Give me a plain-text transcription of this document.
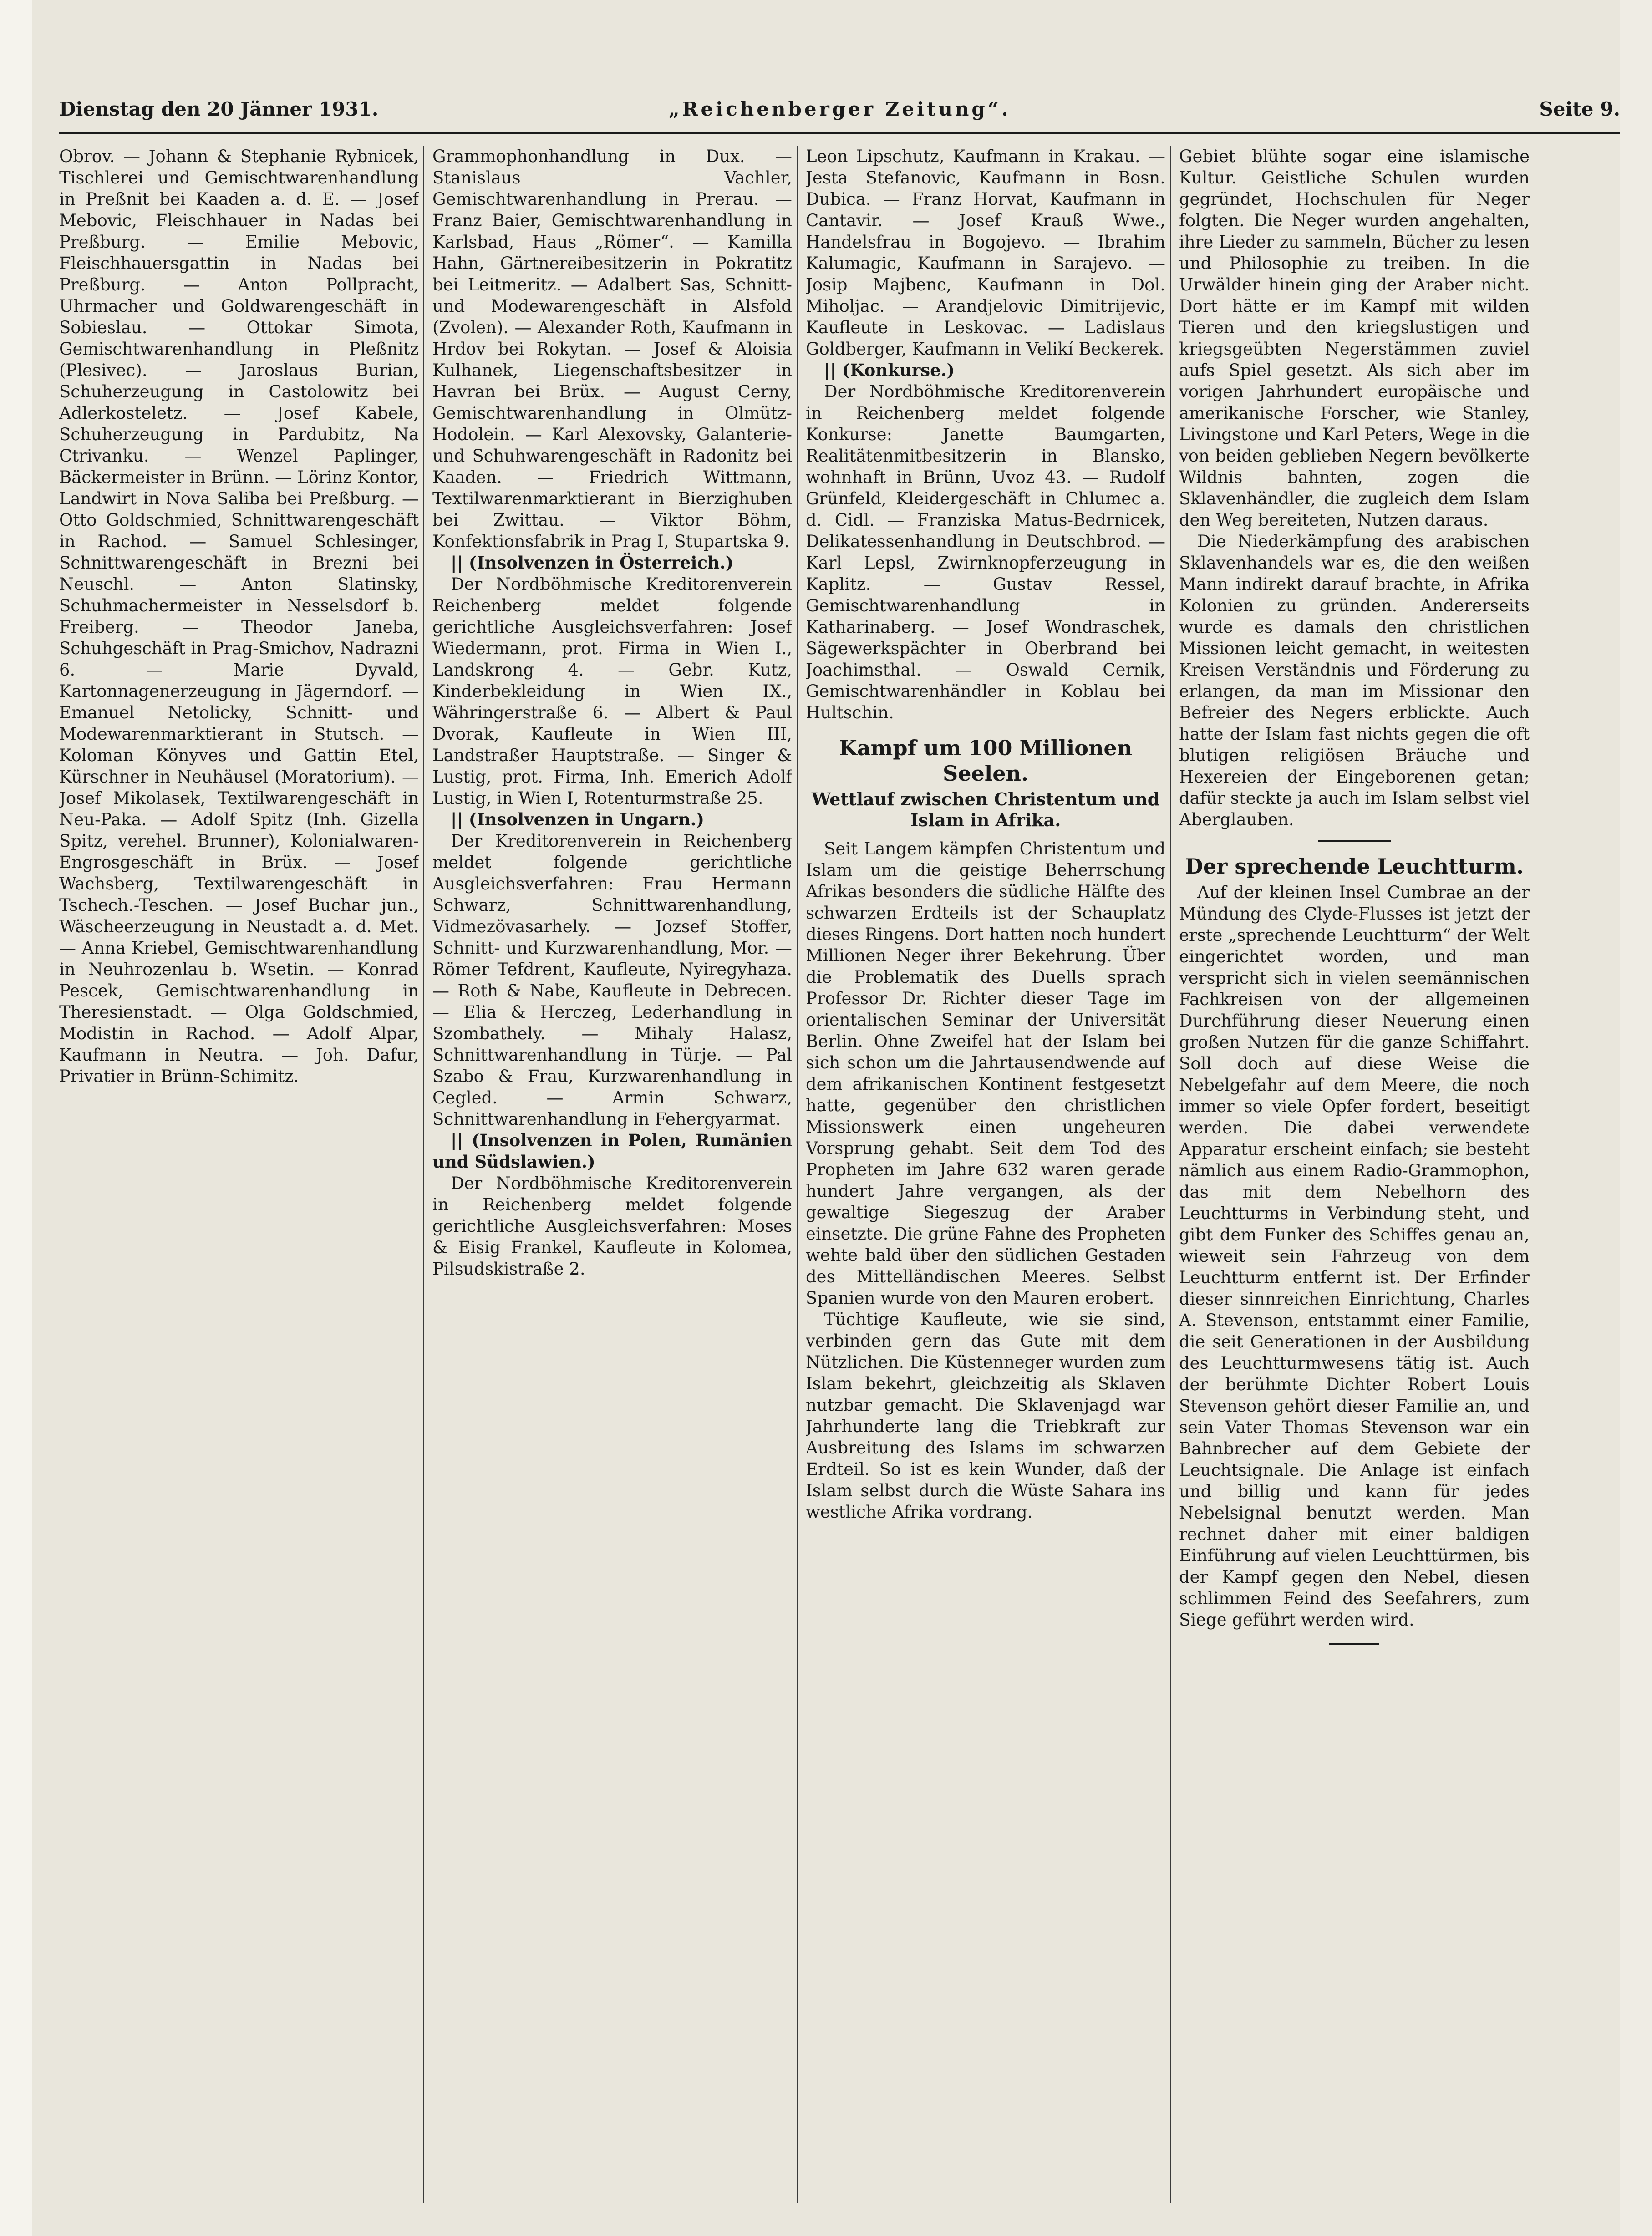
Dienstag den 20 Jänner 1931.	„Reichenberger Zeitung“.	Seite 9.

Obrov. — Johann & Stephanie Rybnicek, Tischlerei und Gemischtwarenhandlung in Preßnit bei Kaaden a. d. E. — Josef Mebovic, Fleischhauer in Nadas bei Preßburg. — Emilie Mebovic, Fleischhauersgattin in Nadas bei Preßburg. — Anton Pollpracht, Uhrmacher und Goldwarengeschäft in Sobieslau. — Ottokar Simota, Gemischtwarenhandlung in Pleßnitz (Plesivec). — Jaroslaus Burian, Schuherzeugung in Castolowitz bei Adlerkosteletz. — Josef Kabele, Schuherzeugung in Pardubitz, Na Ctrivanku. — Wenzel Paplinger, Bäckermeister in Brünn. — Lörinz Kontor, Landwirt in Nova Saliba bei Preßburg. — Otto Goldschmied, Schnittwarengeschäft in Rachod. — Samuel Schlesinger, Schnittwarengeschäft in Brezni bei Neuschl. — Anton Slatinsky, Schuhmachermeister in Nesselsdorf b. Freiberg. — Theodor Janeba, Schuhgeschäft in Prag-Smichov, Nadrazni 6. — Marie Dyvald, Kartonnagenerzeugung in Jägerndorf. — Emanuel Netolicky, Schnitt- und Modewarenmarktierant in Stutsch. — Koloman Könyves und Gattin Etel, Kürschner in Neuhäusel (Moratorium). — Josef Mikolasek, Textilwarengeschäft in Neu-Paka. — Adolf Spitz (Inh. Gizella Spitz, verehel. Brunner), Kolonialwaren-Engrosgeschäft in Brüx. — Josef Wachsberg, Textilwarengeschäft in Tschech.-Teschen. — Josef Buchar jun., Wäscheerzeugung in Neustadt a. d. Met. — Anna Kriebel, Gemischtwarenhandlung in Neuhrozenlau b. Wsetin. — Konrad Pescek, Gemischtwarenhandlung in Theresienstadt. — Olga Goldschmied, Modistin in Rachod. — Adolf Alpar, Kaufmann in Neutra. — Joh. Dafur, Privatier in Brünn-Schimitz.

Grammophonhandlung in Dux. — Stanislaus Vachler, Gemischtwarenhandlung in Prerau. — Franz Baier, Gemischtwarenhandlung in Karlsbad, Haus „Römer“. — Kamilla Hahn, Gärtnereibesitzerin in Pokratitz bei Leitmeritz. — Adalbert Sas, Schnitt- und Modewarengeschäft in Alsfold (Zvolen). — Alexander Roth, Kaufmann in Hrdov bei Rokytan. — Josef & Aloisia Kulhanek, Liegenschaftsbesitzer in Havran bei Brüx. — August Cerny, Gemischtwarenhandlung in Olmütz-Hodolein. — Karl Alexovsky, Galanterie- und Schuhwarengeschäft in Radonitz bei Kaaden. — Friedrich Wittmann, Textilwarenmarktierant in Bierzighuben bei Zwittau. — Viktor Böhm, Konfektionsfabrik in Prag I, Stupartska 9.

|| (Insolvenzen in Österreich.)

Der Nordböhmische Kreditorenverein Reichenberg meldet folgende gerichtliche Ausgleichsverfahren: Josef Wiedermann, prot. Firma in Wien I., Landskrong 4. — Gebr. Kutz, Kinderbekleidung in Wien IX., Währingerstraße 6. — Albert & Paul Dvorak, Kaufleute in Wien III, Landstraßer Hauptstraße. — Singer & Lustig, prot. Firma, Inh. Emerich Adolf Lustig, in Wien I, Rotenturmstraße 25.

|| (Insolvenzen in Ungarn.)

Der Kreditorenverein in Reichenberg meldet folgende gerichtliche Ausgleichsverfahren: Frau Hermann Schwarz, Schnittwarenhandlung, Vidmezövasarhely. — Jozsef Stoffer, Schnitt- und Kurzwarenhandlung, Mor. — Römer Tefdrent, Kaufleute, Nyiregyhaza. — Roth & Nabe, Kaufleute in Debrecen. — Elia & Herczeg, Lederhandlung in Szombathely. — Mihaly Halasz, Schnittwarenhandlung in Türje. — Pal Szabo & Frau, Kurzwarenhandlung in Cegled. — Armin Schwarz, Schnittwarenhandlung in Fehergyarmat.

|| (Insolvenzen in Polen, Rumänien und Südslawien.)

Der Nordböhmische Kreditorenverein in Reichenberg meldet folgende gerichtliche Ausgleichsverfahren: Moses & Eisig Frankel, Kaufleute in Kolomea, Pilsudskistraße 2.

Leon Lipschutz, Kaufmann in Krakau. — Jesta Stefanovic, Kaufmann in Bosn. Dubica. — Franz Horvat, Kaufmann in Cantavir. — Josef Krauß Wwe., Handelsfrau in Bogojevo. — Ibrahim Kalumagic, Kaufmann in Sarajevo. — Josip Majbenc, Kaufmann in Dol. Miholjac. — Arandjelovic Dimitrijevic, Kaufleute in Leskovac. — Ladislaus Goldberger, Kaufmann in Velikí Beckerek.

|| (Konkurse.)

Der Nordböhmische Kreditorenverein in Reichenberg meldet folgende Konkurse: Janette Baumgarten, Realitätenmitbesitzerin in Blansko, wohnhaft in Brünn, Uvoz 43. — Rudolf Grünfeld, Kleidergeschäft in Chlumec a. d. Cidl. — Franziska Matus-Bedrnicek, Delikatessenhandlung in Deutschbrod. — Karl Lepsl, Zwirnknopferzeugung in Kaplitz. — Gustav Ressel, Gemischtwarenhandlung in Katharinaberg. — Josef Wondraschek, Sägewerkspächter in Oberbrand bei Joachimsthal. — Oswald Cernik, Gemischtwarenhändler in Koblau bei Hultschin.

Kampf um 100 Millionen Seelen.
Wettlauf zwischen Christentum und Islam in Afrika.

Seit Langem kämpfen Christentum und Islam um die geistige Beherrschung Afrikas besonders die südliche Hälfte des schwarzen Erdteils ist der Schauplatz dieses Ringens. Dort hatten noch hundert Millionen Neger ihrer Bekehrung. Über die Problematik des Duells sprach Professor Dr. Richter dieser Tage im orientalischen Seminar der Universität Berlin. Ohne Zweifel hat der Islam bei sich schon um die Jahrtausendwende auf dem afrikanischen Kontinent festgesetzt hatte, gegenüber den christlichen Missionswerk einen ungeheuren Vorsprung gehabt. Seit dem Tod des Propheten im Jahre 632 waren gerade hundert Jahre vergangen, als der gewaltige Siegeszug der Araber einsetzte. Die grüne Fahne des Propheten wehte bald über den südlichen Gestaden des Mittelländischen Meeres. Selbst Spanien wurde von den Mauren erobert.

Tüchtige Kaufleute, wie sie sind, verbinden gern das Gute mit dem Nützlichen. Die Küstenneger wurden zum Islam bekehrt, gleichzeitig als Sklaven nutzbar gemacht. Die Sklavenjagd war Jahrhunderte lang die Triebkraft zur Ausbreitung des Islams im schwarzen Erdteil. So ist es kein Wunder, daß der Islam selbst durch die Wüste Sahara ins westliche Afrika vordrang.

Gebiet blühte sogar eine islamische Kultur. Geistliche Schulen wurden gegründet, Hochschulen für Neger folgten. Die Neger wurden angehalten, ihre Lieder zu sammeln, Bücher zu lesen und Philosophie zu treiben. In die Urwälder hinein ging der Araber nicht. Dort hätte er im Kampf mit wilden Tieren und den kriegslustigen und kriegsgeübten Negerstämmen zuviel aufs Spiel gesetzt. Als sich aber im vorigen Jahrhundert europäische und amerikanische Forscher, wie Stanley, Livingstone und Karl Peters, Wege in die von beiden geblieben Negern bevölkerte Wildnis bahnten, zogen die Sklavenhändler, die zugleich dem Islam den Weg bereiteten, Nutzen daraus.

Die Niederkämpfung des arabischen Sklavenhandels war es, die den weißen Mann indirekt darauf brachte, in Afrika Kolonien zu gründen. Andererseits wurde es damals den christlichen Missionen leicht gemacht, in weitesten Kreisen Verständnis und Förderung zu erlangen, da man im Missionar den Befreier des Negers erblickte. Auch hatte der Islam fast nichts gegen die oft blutigen religiösen Bräuche und Hexereien der Eingeborenen getan; dafür steckte ja auch im Islam selbst viel Aberglauben.

Der sprechende Leuchtturm.

Auf der kleinen Insel Cumbrae an der Mündung des Clyde-Flusses ist jetzt der erste „sprechende Leuchtturm“ der Welt eingerichtet worden, und man verspricht sich in vielen seemännischen Fachkreisen von der allgemeinen Durchführung dieser Neuerung einen großen Nutzen für die ganze Schiffahrt. Soll doch auf diese Weise die Nebelgefahr auf dem Meere, die noch immer so viele Opfer fordert, beseitigt werden. Die dabei verwendete Apparatur erscheint einfach; sie besteht nämlich aus einem Radio-Grammophon, das mit dem Nebelhorn des Leuchtturms in Verbindung steht, und gibt dem Funker des Schiffes genau an, wieweit sein Fahrzeug von dem Leuchtturm entfernt ist. Der Erfinder dieser sinnreichen Einrichtung, Charles A. Stevenson, entstammt einer Familie, die seit Generationen in der Ausbildung des Leuchtturmwesens tätig ist. Auch der berühmte Dichter Robert Louis Stevenson gehört dieser Familie an, und sein Vater Thomas Stevenson war ein Bahnbrecher auf dem Gebiete der Leuchtsignale. Die Anlage ist einfach und billig und kann für jedes Nebelsignal benutzt werden. Man rechnet daher mit einer baldigen Einführung auf vielen Leuchttürmen, bis der Kampf gegen den Nebel, diesen schlimmen Feind des Seefahrers, zum Siege geführt werden wird.
